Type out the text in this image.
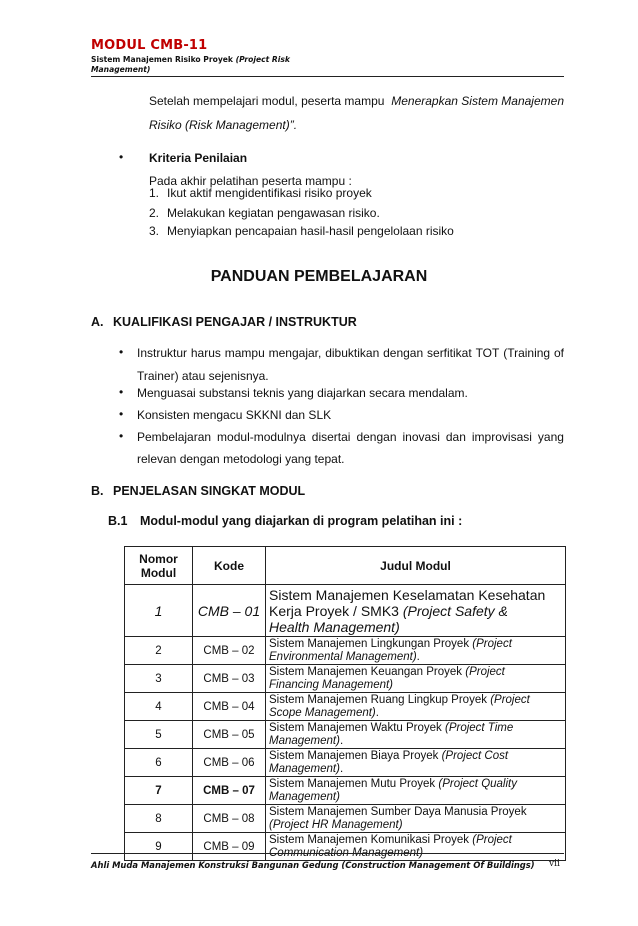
MODUL CMB-11
Sistem Manajemen Risiko Proyek (Project Risk
Management)
Setelah mempelajari modul, peserta mampu Menerapkan Sistem Manajemen
Risiko (Risk Management)”.
• Kriteria Penilaian
Pada akhir pelatihan peserta mampu :
1. Ikut aktif mengidentifikasi risiko proyek
2. Melakukan kegiatan pengawasan risiko.
3. Menyiapkan pencapaian hasil-hasil pengelolaan risiko
PANDUAN PEMBELAJARAN
A. KUALIFIKASI PENGAJAR / INSTRUKTUR
• Instruktur harus mampu mengajar, dibuktikan dengan serfitikat TOT (Training of
Trainer) atau sejenisnya.
• Menguasai substansi teknis yang diajarkan secara mendalam.
• Konsisten mengacu SKKNI dan SLK
• Pembelajaran modul-modulnya disertai dengan inovasi dan improvisasi yang
relevan dengan metodologi yang tepat.
B. PENJELASAN SINGKAT MODUL
B.1 Modul-modul yang diajarkan di program pelatihan ini :
Nomor
Modul	Kode	Judul Modul
1	CMB – 01	Sistem Manajemen Keselamatan Kesehatan
Kerja Proyek / SMK3 (Project Safety &
Health Management)
2	CMB – 02	Sistem Manajemen Lingkungan Proyek (Project
Environmental Management).
3	CMB – 03	Sistem Manajemen Keuangan Proyek (Project
Financing Management)
4	CMB – 04	Sistem Manajemen Ruang Lingkup Proyek (Project
Scope Management).
5	CMB – 05	Sistem Manajemen Waktu Proyek (Project Time
Management).
6	CMB – 06	Sistem Manajemen Biaya Proyek (Project Cost
Management).
7	CMB – 07	Sistem Manajemen Mutu Proyek (Project Quality
Management)
8	CMB – 08	Sistem Manajemen Sumber Daya Manusia Proyek
(Project HR Management)
9	CMB – 09	Sistem Manajemen Komunikasi Proyek (Project
Communication Management)
Ahli Muda Manajemen Konstruksi Bangunan Gedung (Construction Management Of Buildings) vii
